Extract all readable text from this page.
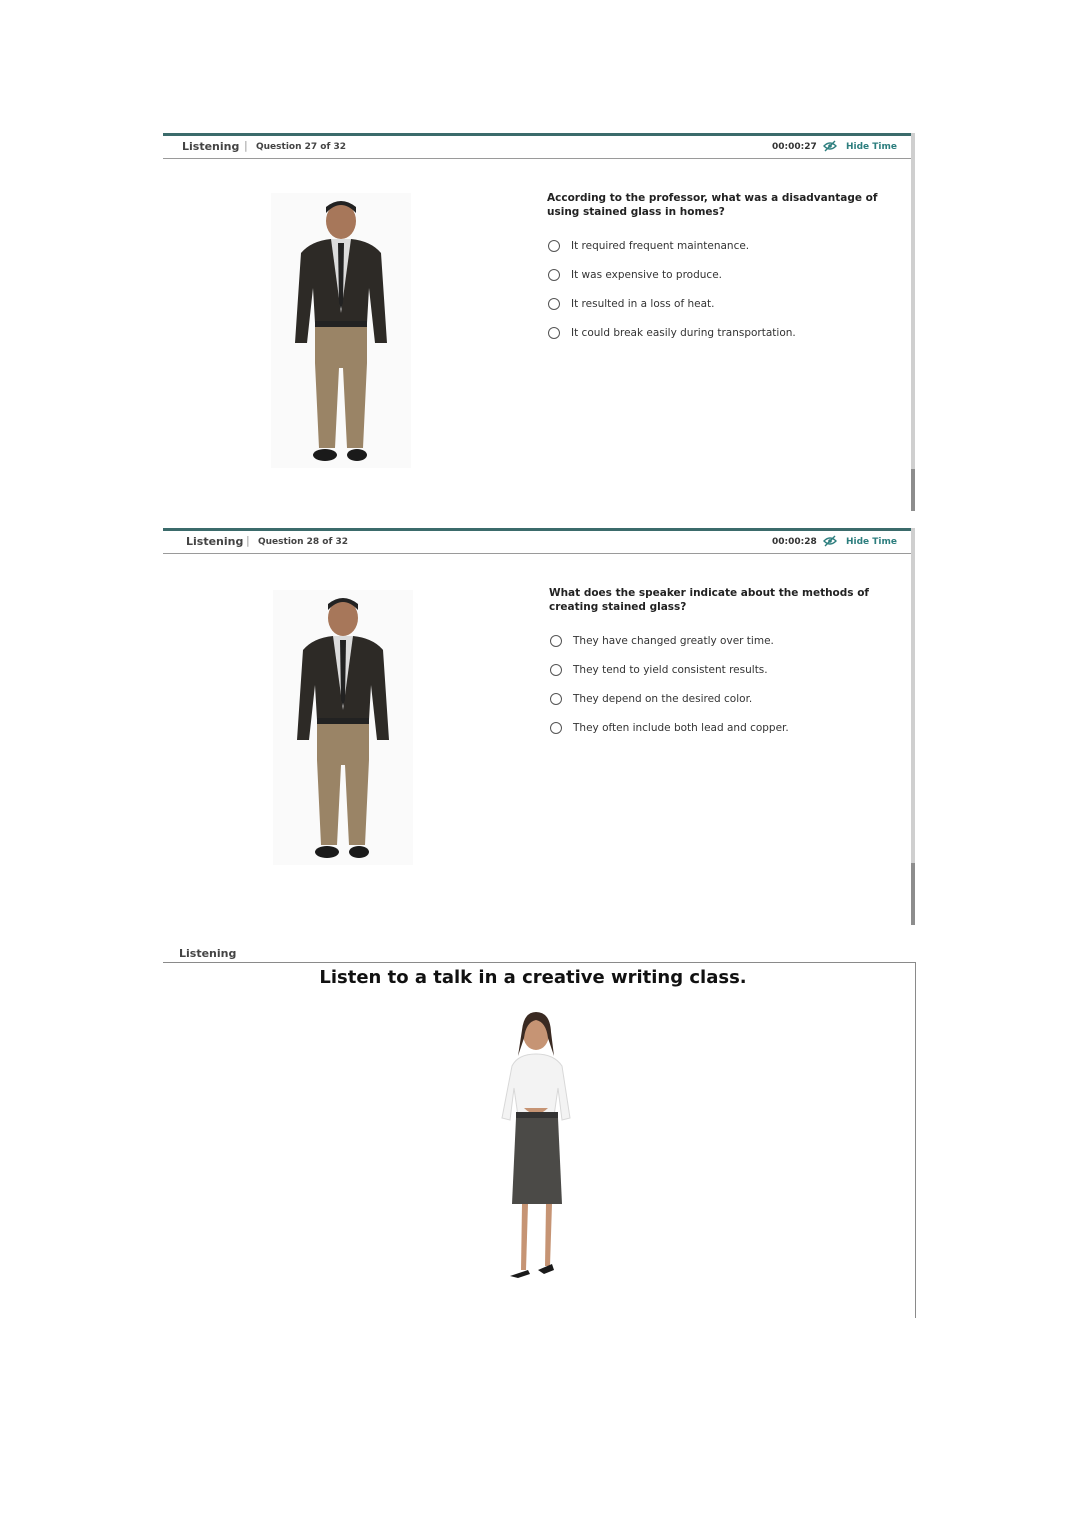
Listening | Question 27 of 32	00:00:27	Hide Time
According to the professor, what was a disadvantage of using stained glass in homes?
It required frequent maintenance.
It was expensive to produce.
It resulted in a loss of heat.
It could break easily during transportation.
Listening | Question 28 of 32	00:00:28	Hide Time
What does the speaker indicate about the methods of creating stained glass?
They have changed greatly over time.
They tend to yield consistent results.
They depend on the desired color.
They often include both lead and copper.
Listening
Listen to a talk in a creative writing class.
